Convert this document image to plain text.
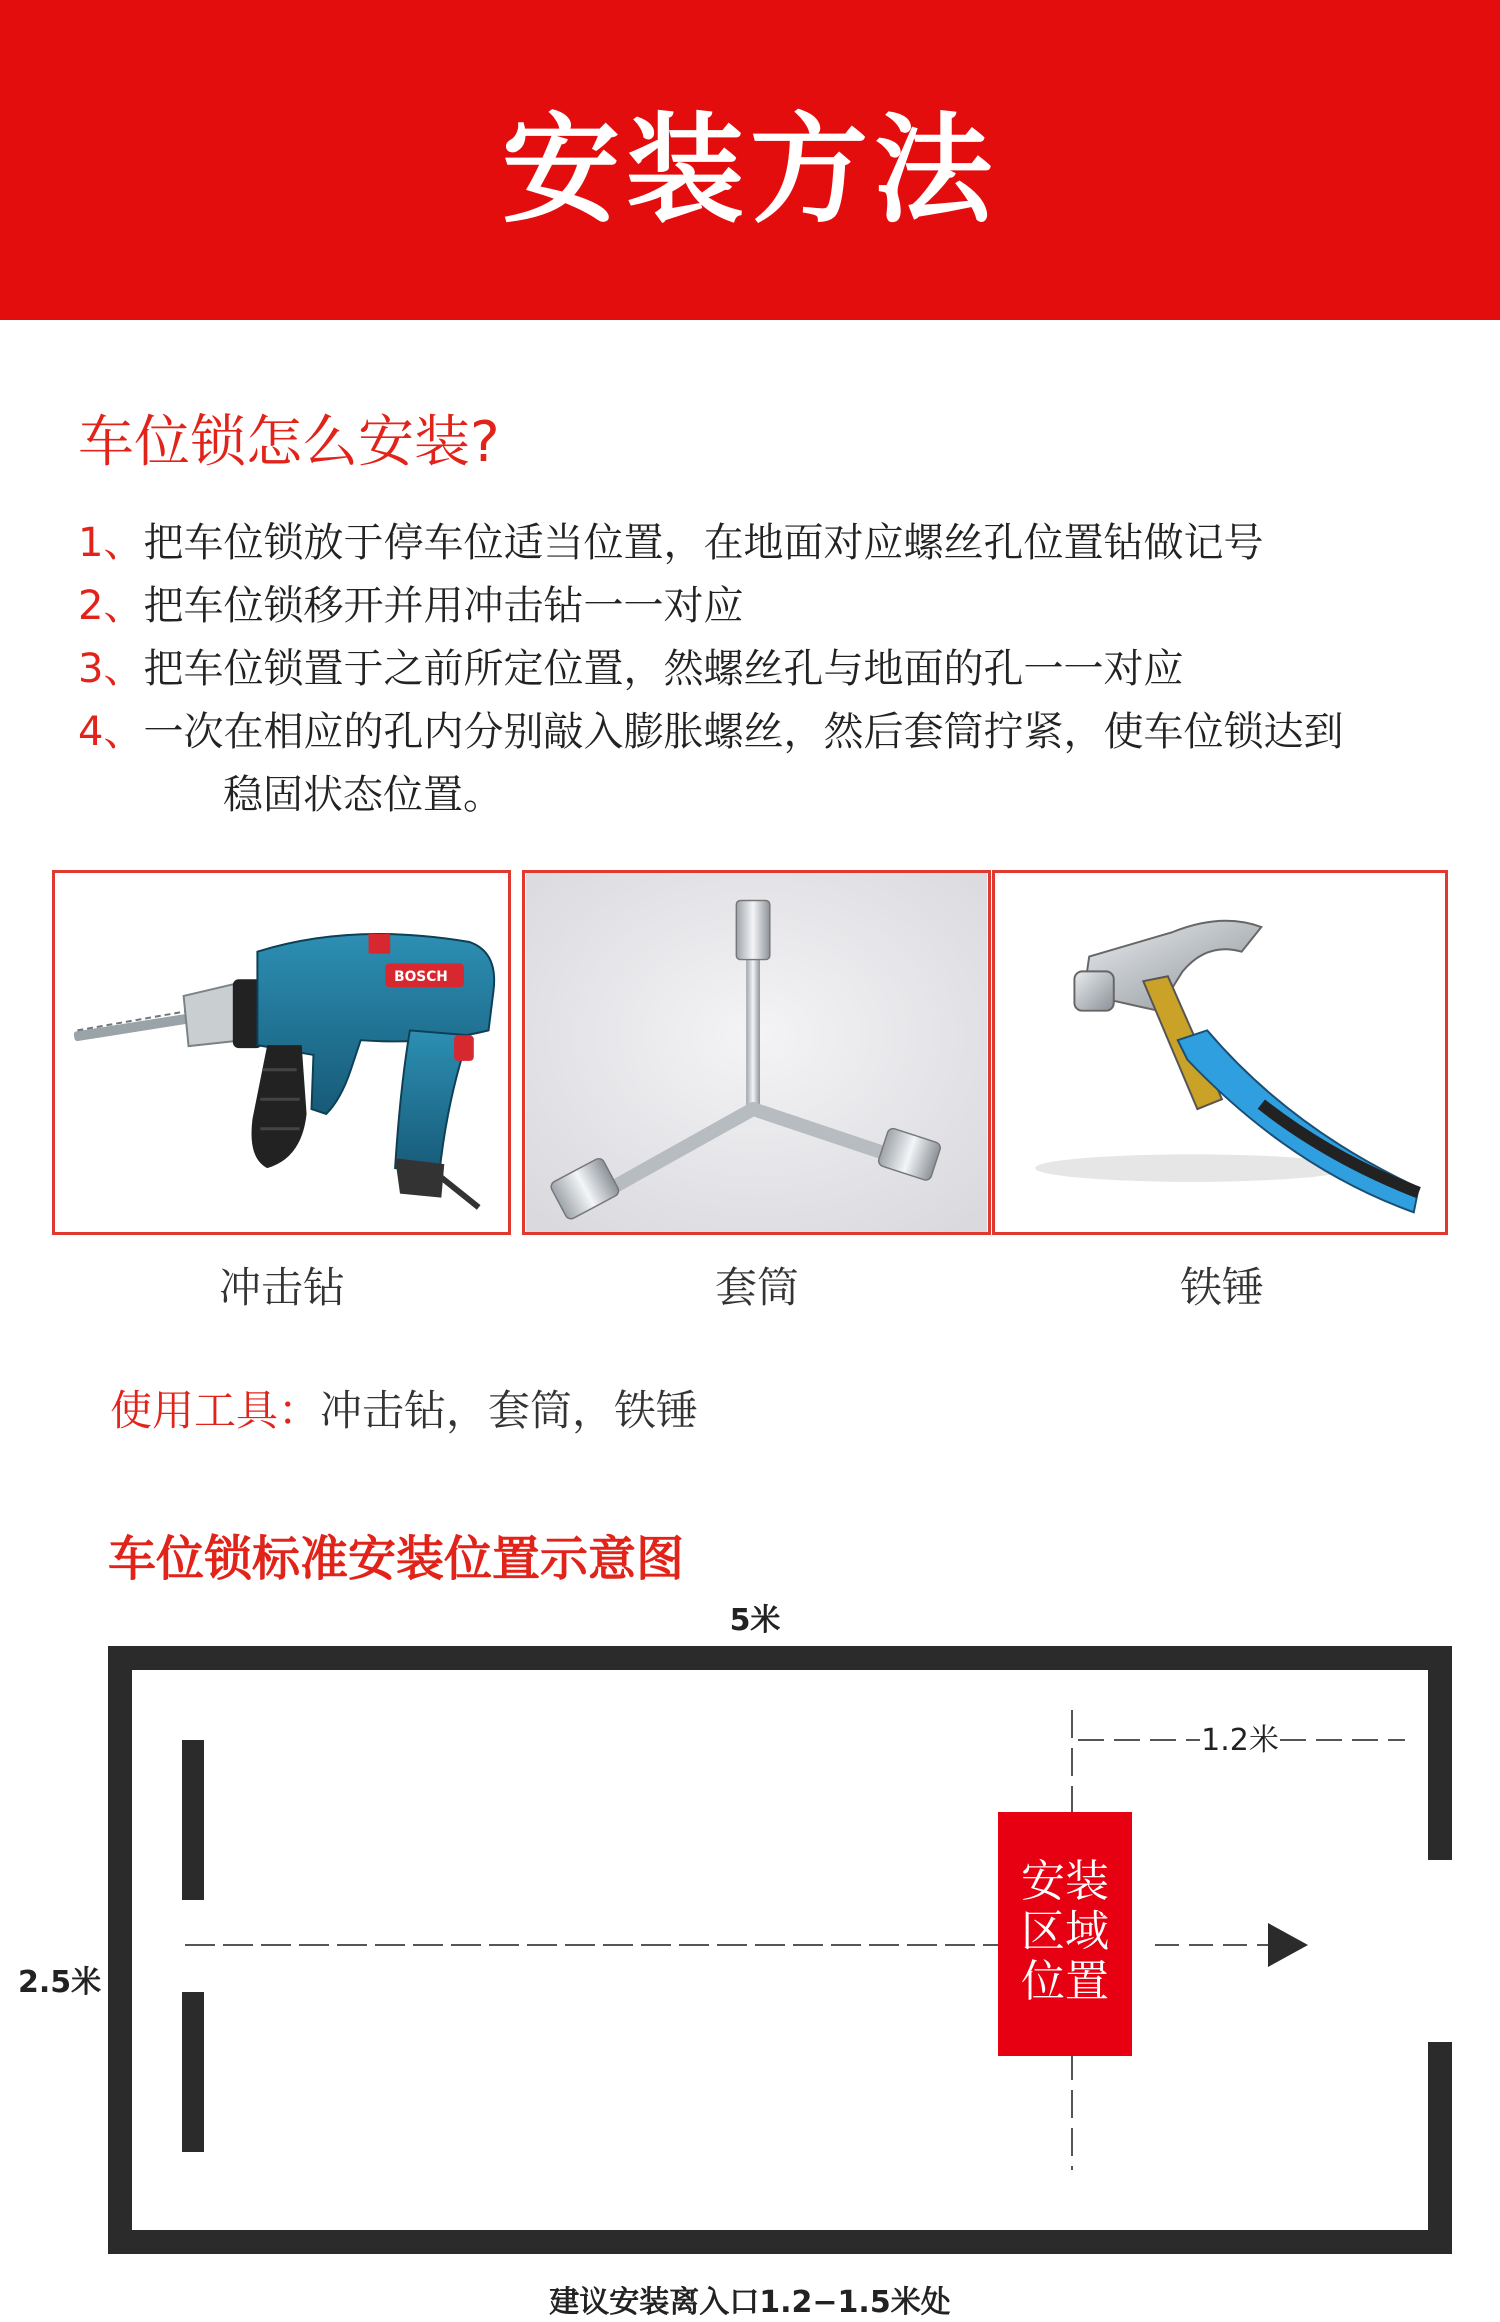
安装方法
车位锁怎么安装?
1、把车位锁放于停车位适当位置，在地面对应螺丝孔位置钻做记号
2、把车位锁移开并用冲击钻一一对应
3、把车位锁置于之前所定位置，然螺丝孔与地面的孔一一对应
4、一次在相应的孔内分别敲入膨胀螺丝，然后套筒拧紧，使车位锁达到
稳固状态位置。
BOSCH
冲击钻	套筒	铁锤
使用工具：冲击钻，套筒，铁锤
车位锁标准安装位置示意图
5米
2.5米
1.2米
安装
区域
位置
建议安装离入口1.2−1.5米处
